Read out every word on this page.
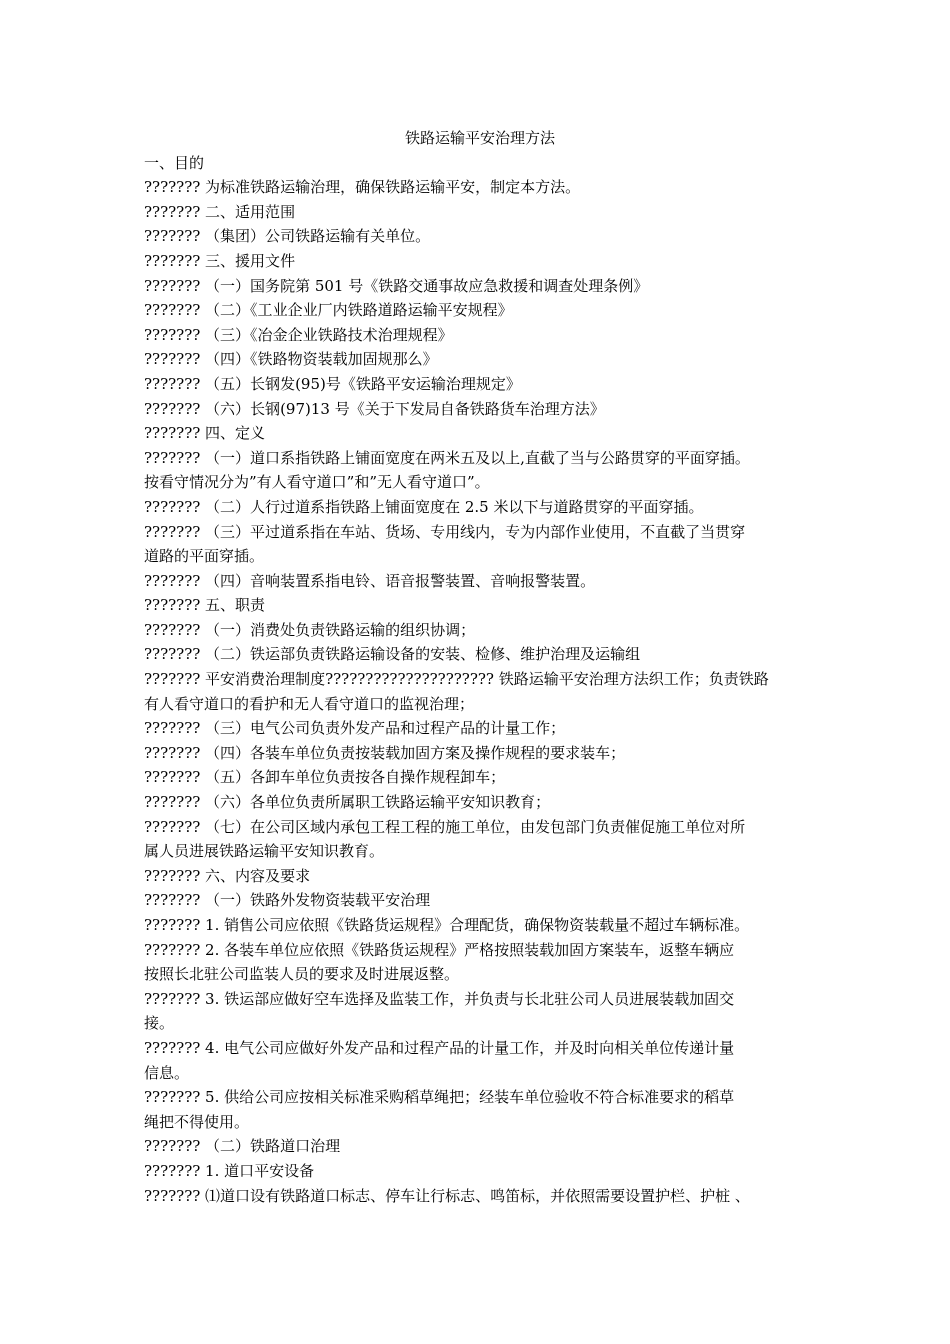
铁路运输平安治理方法

一、目的

??????? 为标准铁路运输治理，确保铁路运输平安，制定本方法。

??????? 二、适用范围

??????? （集团）公司铁路运输有关单位。

??????? 三、援用文件

??????? （一）国务院第 501 号《铁路交通事故应急救援和调查处理条例》

??????? （二）《工业企业厂内铁路道路运输平安规程》

??????? （三）《冶金企业铁路技术治理规程》

??????? （四）《铁路物资装载加固规那么》

??????? （五）长钢发(95)号《铁路平安运输治理规定》

??????? （六）长钢(97)13 号《关于下发局自备铁路货车治理方法》

??????? 四、定义

??????? （一）道口系指铁路上铺面宽度在两米五及以上,直截了当与公路贯穿的平面穿插。

按看守情况分为”有人看守道口”和”无人看守道口”。

??????? （二）人行过道系指铁路上铺面宽度在 2.5 米以下与道路贯穿的平面穿插。

??????? （三）平过道系指在车站、货场、专用线内，专为内部作业使用，不直截了当贯穿

道路的平面穿插。

??????? （四）音响装置系指电铃、语音报警装置、音响报警装置。

??????? 五、职责

??????? （一）消费处负责铁路运输的组织协调；

??????? （二）铁运部负责铁路运输设备的安装、检修、维护治理及运输组

??????? 平安消费治理制度????????????????????? 铁路运输平安治理方法织工作；负责铁路

有人看守道口的看护和无人看守道口的监视治理；

??????? （三）电气公司负责外发产品和过程产品的计量工作；

??????? （四）各装车单位负责按装载加固方案及操作规程的要求装车；

??????? （五）各卸车单位负责按各自操作规程卸车；

??????? （六）各单位负责所属职工铁路运输平安知识教育；

??????? （七）在公司区域内承包工程工程的施工单位，由发包部门负责催促施工单位对所

属人员进展铁路运输平安知识教育。

??????? 六、内容及要求

??????? （一）铁路外发物资装载平安治理

??????? 1. 销售公司应依照《铁路货运规程》合理配货，确保物资装载量不超过车辆标准。

??????? 2. 各装车单位应依照《铁路货运规程》严格按照装载加固方案装车，返整车辆应

按照长北驻公司监装人员的要求及时进展返整。

??????? 3. 铁运部应做好空车选择及监装工作，并负责与长北驻公司人员进展装载加固交

接。

??????? 4. 电气公司应做好外发产品和过程产品的计量工作，并及时向相关单位传递计量

信息。

??????? 5. 供给公司应按相关标准采购稻草绳把；经装车单位验收不符合标准要求的稻草

绳把不得使用。

??????? （二）铁路道口治理

??????? 1. 道口平安设备

??????? ⑴道口设有铁路道口标志、停车让行标志、鸣笛标，并依照需要设置护栏、护桩 、
